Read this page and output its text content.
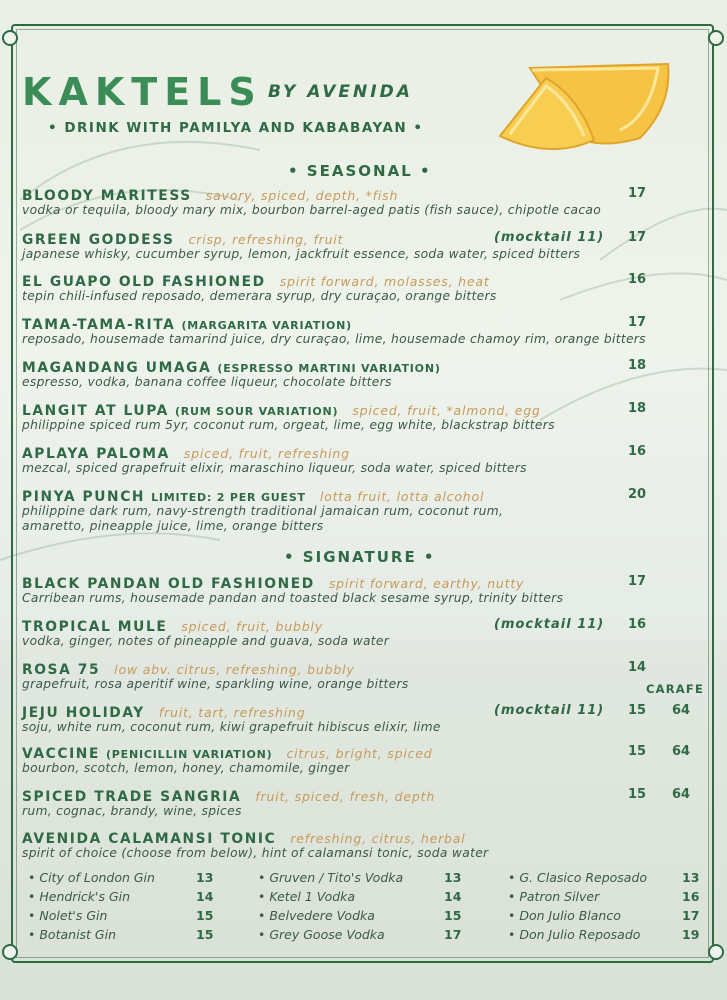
KAKTELS BY AVENIDA
• DRINK WITH PAMILYA AND KABABAYAN •
• SEASONAL •
• SIGNATURE •
CARAFE
BLOODY MARITESS savory, spiced, depth, *fish	17
vodka or tequila, bloody mary mix, bourbon barrel-aged patis (fish sauce), chipotle cacao
GREEN GODDESS crisp, refreshing, fruit	(mocktail 11) 17
japanese whisky, cucumber syrup, lemon, jackfruit essence, soda water, spiced bitters
EL GUAPO OLD FASHIONED spirit forward, molasses, heat	16
tepin chili-infused reposado, demerara syrup, dry curaçao, orange bitters
TAMA-TAMA-RITA (MARGARITA VARIATION)	17
reposado, housemade tamarind juice, dry curaçao, lime, housemade chamoy rim, orange bitters
MAGANDANG UMAGA (ESPRESSO MARTINI VARIATION)	18
espresso, vodka, banana coffee liqueur, chocolate bitters
LANGIT AT LUPA (RUM SOUR VARIATION) spiced, fruit, *almond, egg	18
philippine spiced rum 5yr, coconut rum, orgeat, lime, egg white, blackstrap bitters
APLAYA PALOMA spiced, fruit, refreshing	16
mezcal, spiced grapefruit elixir, maraschino liqueur, soda water, spiced bitters
PINYA PUNCH LIMITED: 2 PER GUEST lotta fruit, lotta alcohol	20
philippine dark rum, navy-strength traditional jamaican rum, coconut rum,
amaretto, pineapple juice, lime, orange bitters
BLACK PANDAN OLD FASHIONED spirit forward, earthy, nutty	17
Carribean rums, housemade pandan and toasted black sesame syrup, trinity bitters
TROPICAL MULE spiced, fruit, bubbly	(mocktail 11) 16
vodka, ginger, notes of pineapple and guava, soda water
ROSA 75 low abv. citrus, refreshing, bubbly	14
grapefruit, rosa aperitif wine, sparkling wine, orange bitters
JEJU HOLIDAY fruit, tart, refreshing	(mocktail 11) 15 64
soju, white rum, coconut rum, kiwi grapefruit hibiscus elixir, lime
VACCINE (PENICILLIN VARIATION) citrus, bright, spiced	15 64
bourbon, scotch, lemon, honey, chamomile, ginger
SPICED TRADE SANGRIA fruit, spiced, fresh, depth	15 64
rum, cognac, brandy, wine, spices
AVENIDA CALAMANSI TONIC refreshing, citrus, herbal
spirit of choice (choose from below), hint of calamansi tonic, soda water
• City of London Gin	13
• Hendrick's Gin	14
• Nolet's Gin	15
• Botanist Gin	15
• Gruven / Tito's Vodka	13
• Ketel 1 Vodka	14
• Belvedere Vodka	15
• Grey Goose Vodka	17
• G. Clasico Reposado	13
• Patron Silver	16
• Don Julio Blanco	17
• Don Julio Reposado	19
